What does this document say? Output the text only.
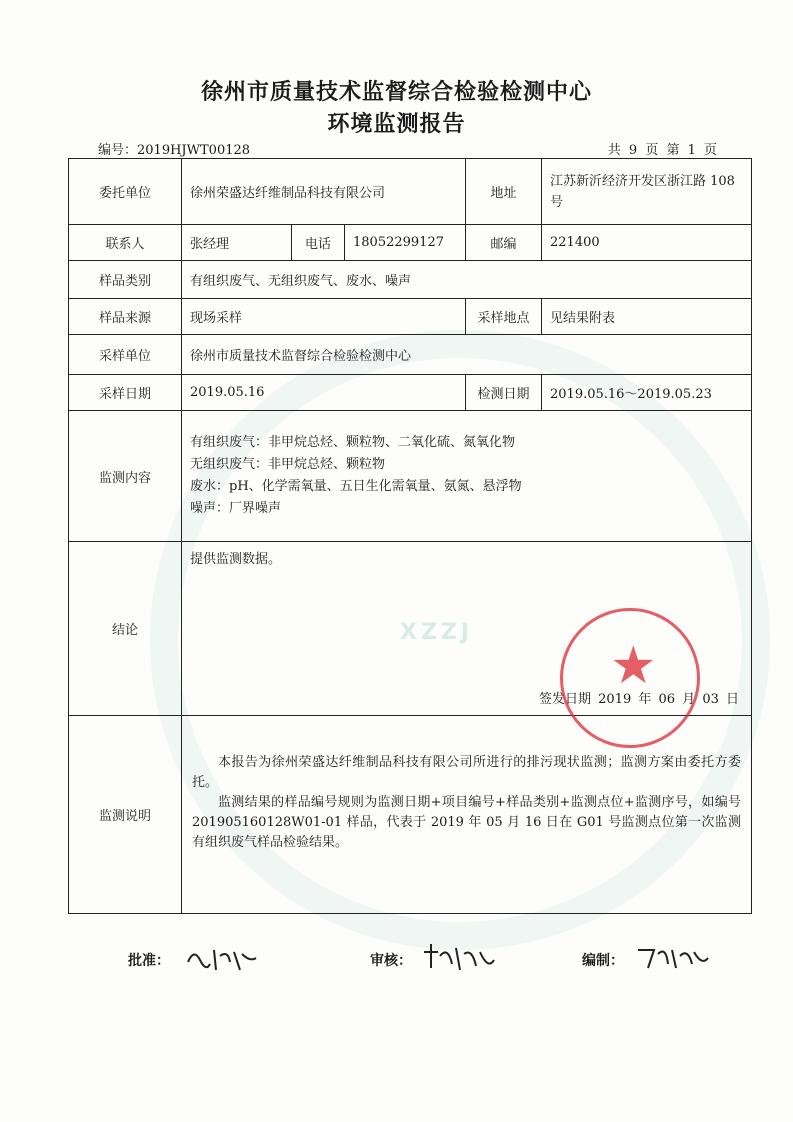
XZZJ
徐州市质量技术监督综合检验检测中心
环境监测报告
编号：2019HJWT00128	共 9 页 第 1 页
委托单位	徐州荣盛达纤维制品科技有限公司			地址	江苏新沂经济开发区浙江路 108 号
联系人	张经理	电话	18052299127	邮编	221400
样品类别	有组织废气、无组织废气、废水、噪声				
样品来源	现场采样			采样地点	见结果附表
采样单位	徐州市质量技术监督综合检验检测中心				
采样日期	2019.05.16			检测日期	2019.05.16～2019.05.23
监测内容	有组织废气：非甲烷总烃、颗粒物、二氧化硫、氮氧化物
无组织废气：非甲烷总烃、颗粒物
废水：pH、化学需氧量、五日生化需氧量、氨氮、悬浮物
噪声：厂界噪声				

结论	提供监测数据。
签发日期 2019 年 06 月 03 日				

监测说明	本报告为徐州荣盛达纤维制品科技有限公司所进行的排污现状监测；监测方案由委托方委托。

监测结果的样品编号规则为监测日期+项目编号+样品类别+监测点位+监测序号，如编号 201905160128W01-01 样品，代表于 2019 年 05 月 16 日在 G01 号监测点位第一次监测有组织废气样品检验结果。				

★
批准：	审核：	编制：
